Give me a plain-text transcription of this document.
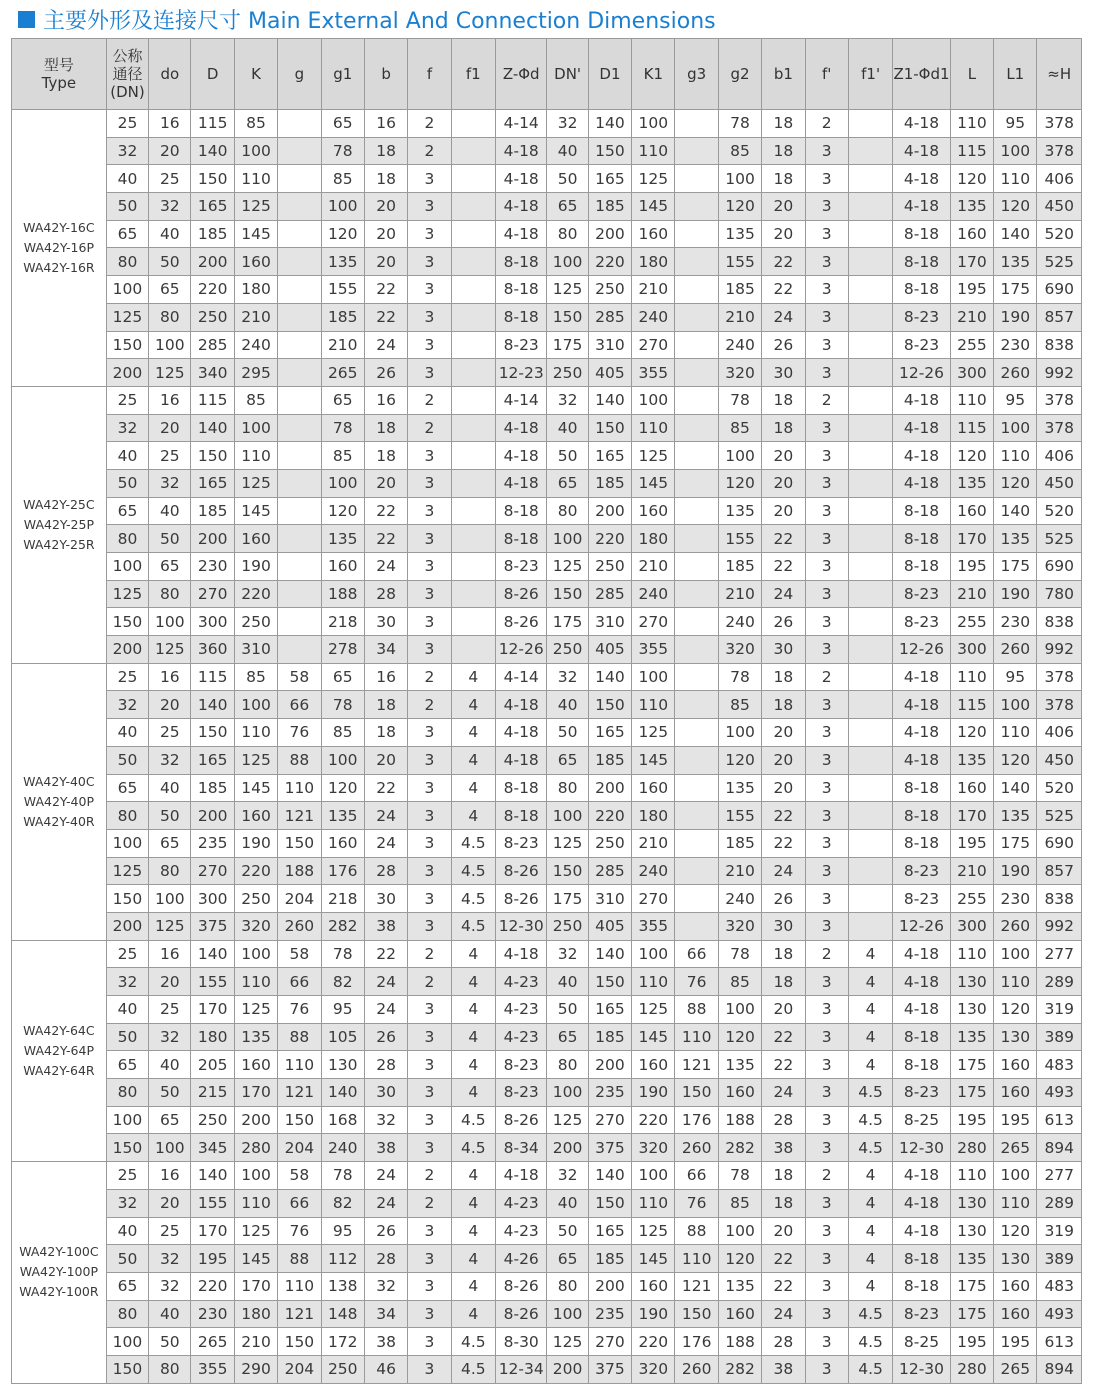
主要外形及连接尺寸 Main External And Connection Dimensions
型号
Type	公称
通径
(DN)	do	D	K	g	g1	b	f	f1	Z-Φd	DN'	D1	K1	g3	g2	b1	f'	f1'	Z1-Φd1	L	L1	≈H

WA42Y-16C
WA42Y-16P
WA42Y-16R	25	16	115	85		65	16	2		4-14	32	140	100		78	18	2		4-18	110	95	378
	32	20	140	100		78	18	2		4-18	40	150	110		85	18	3		4-18	115	100	378
	40	25	150	110		85	18	3		4-18	50	165	125		100	18	3		4-18	120	110	406
	50	32	165	125		100	20	3		4-18	65	185	145		120	20	3		4-18	135	120	450
	65	40	185	145		120	20	3		4-18	80	200	160		135	20	3		8-18	160	140	520
	80	50	200	160		135	20	3		8-18	100	220	180		155	22	3		8-18	170	135	525
	100	65	220	180		155	22	3		8-18	125	250	210		185	22	3		8-18	195	175	690
	125	80	250	210		185	22	3		8-18	150	285	240		210	24	3		8-23	210	190	857
	150	100	285	240		210	24	3		8-23	175	310	270		240	26	3		8-23	255	230	838
	200	125	340	295		265	26	3		12-23	250	405	355		320	30	3		12-26	300	260	992

WA42Y-25C
WA42Y-25P
WA42Y-25R	25	16	115	85		65	16	2		4-14	32	140	100		78	18	2		4-18	110	95	378
	32	20	140	100		78	18	2		4-18	40	150	110		85	18	3		4-18	115	100	378
	40	25	150	110		85	18	3		4-18	50	165	125		100	20	3		4-18	120	110	406
	50	32	165	125		100	20	3		4-18	65	185	145		120	20	3		4-18	135	120	450
	65	40	185	145		120	22	3		8-18	80	200	160		135	20	3		8-18	160	140	520
	80	50	200	160		135	22	3		8-18	100	220	180		155	22	3		8-18	170	135	525
	100	65	230	190		160	24	3		8-23	125	250	210		185	22	3		8-18	195	175	690
	125	80	270	220		188	28	3		8-26	150	285	240		210	24	3		8-23	210	190	780
	150	100	300	250		218	30	3		8-26	175	310	270		240	26	3		8-23	255	230	838
	200	125	360	310		278	34	3		12-26	250	405	355		320	30	3		12-26	300	260	992

WA42Y-40C
WA42Y-40P
WA42Y-40R	25	16	115	85	58	65	16	2	4	4-14	32	140	100		78	18	2		4-18	110	95	378
	32	20	140	100	66	78	18	2	4	4-18	40	150	110		85	18	3		4-18	115	100	378
	40	25	150	110	76	85	18	3	4	4-18	50	165	125		100	20	3		4-18	120	110	406
	50	32	165	125	88	100	20	3	4	4-18	65	185	145		120	20	3		4-18	135	120	450
	65	40	185	145	110	120	22	3	4	8-18	80	200	160		135	20	3		8-18	160	140	520
	80	50	200	160	121	135	24	3	4	8-18	100	220	180		155	22	3		8-18	170	135	525
	100	65	235	190	150	160	24	3	4.5	8-23	125	250	210		185	22	3		8-18	195	175	690
	125	80	270	220	188	176	28	3	4.5	8-26	150	285	240		210	24	3		8-23	210	190	857
	150	100	300	250	204	218	30	3	4.5	8-26	175	310	270		240	26	3		8-23	255	230	838
	200	125	375	320	260	282	38	3	4.5	12-30	250	405	355		320	30	3		12-26	300	260	992

WA42Y-64C
WA42Y-64P
WA42Y-64R	25	16	140	100	58	78	22	2	4	4-18	32	140	100	66	78	18	2	4	4-18	110	100	277
	32	20	155	110	66	82	24	2	4	4-23	40	150	110	76	85	18	3	4	4-18	130	110	289
	40	25	170	125	76	95	24	3	4	4-23	50	165	125	88	100	20	3	4	4-18	130	120	319
	50	32	180	135	88	105	26	3	4	4-23	65	185	145	110	120	22	3	4	8-18	135	130	389
	65	40	205	160	110	130	28	3	4	8-23	80	200	160	121	135	22	3	4	8-18	175	160	483
	80	50	215	170	121	140	30	3	4	8-23	100	235	190	150	160	24	3	4.5	8-23	175	160	493
	100	65	250	200	150	168	32	3	4.5	8-26	125	270	220	176	188	28	3	4.5	8-25	195	195	613
	150	100	345	280	204	240	38	3	4.5	8-34	200	375	320	260	282	38	3	4.5	12-30	280	265	894

WA42Y-100C
WA42Y-100P
WA42Y-100R	25	16	140	100	58	78	24	2	4	4-18	32	140	100	66	78	18	2	4	4-18	110	100	277
	32	20	155	110	66	82	24	2	4	4-23	40	150	110	76	85	18	3	4	4-18	130	110	289
	40	25	170	125	76	95	26	3	4	4-23	50	165	125	88	100	20	3	4	4-18	130	120	319
	50	32	195	145	88	112	28	3	4	4-26	65	185	145	110	120	22	3	4	8-18	135	130	389
	65	32	220	170	110	138	32	3	4	8-26	80	200	160	121	135	22	3	4	8-18	175	160	483
	80	40	230	180	121	148	34	3	4	8-26	100	235	190	150	160	24	3	4.5	8-23	175	160	493
	100	50	265	210	150	172	38	3	4.5	8-30	125	270	220	176	188	28	3	4.5	8-25	195	195	613
	150	80	355	290	204	250	46	3	4.5	12-34	200	375	320	260	282	38	3	4.5	12-30	280	265	894
